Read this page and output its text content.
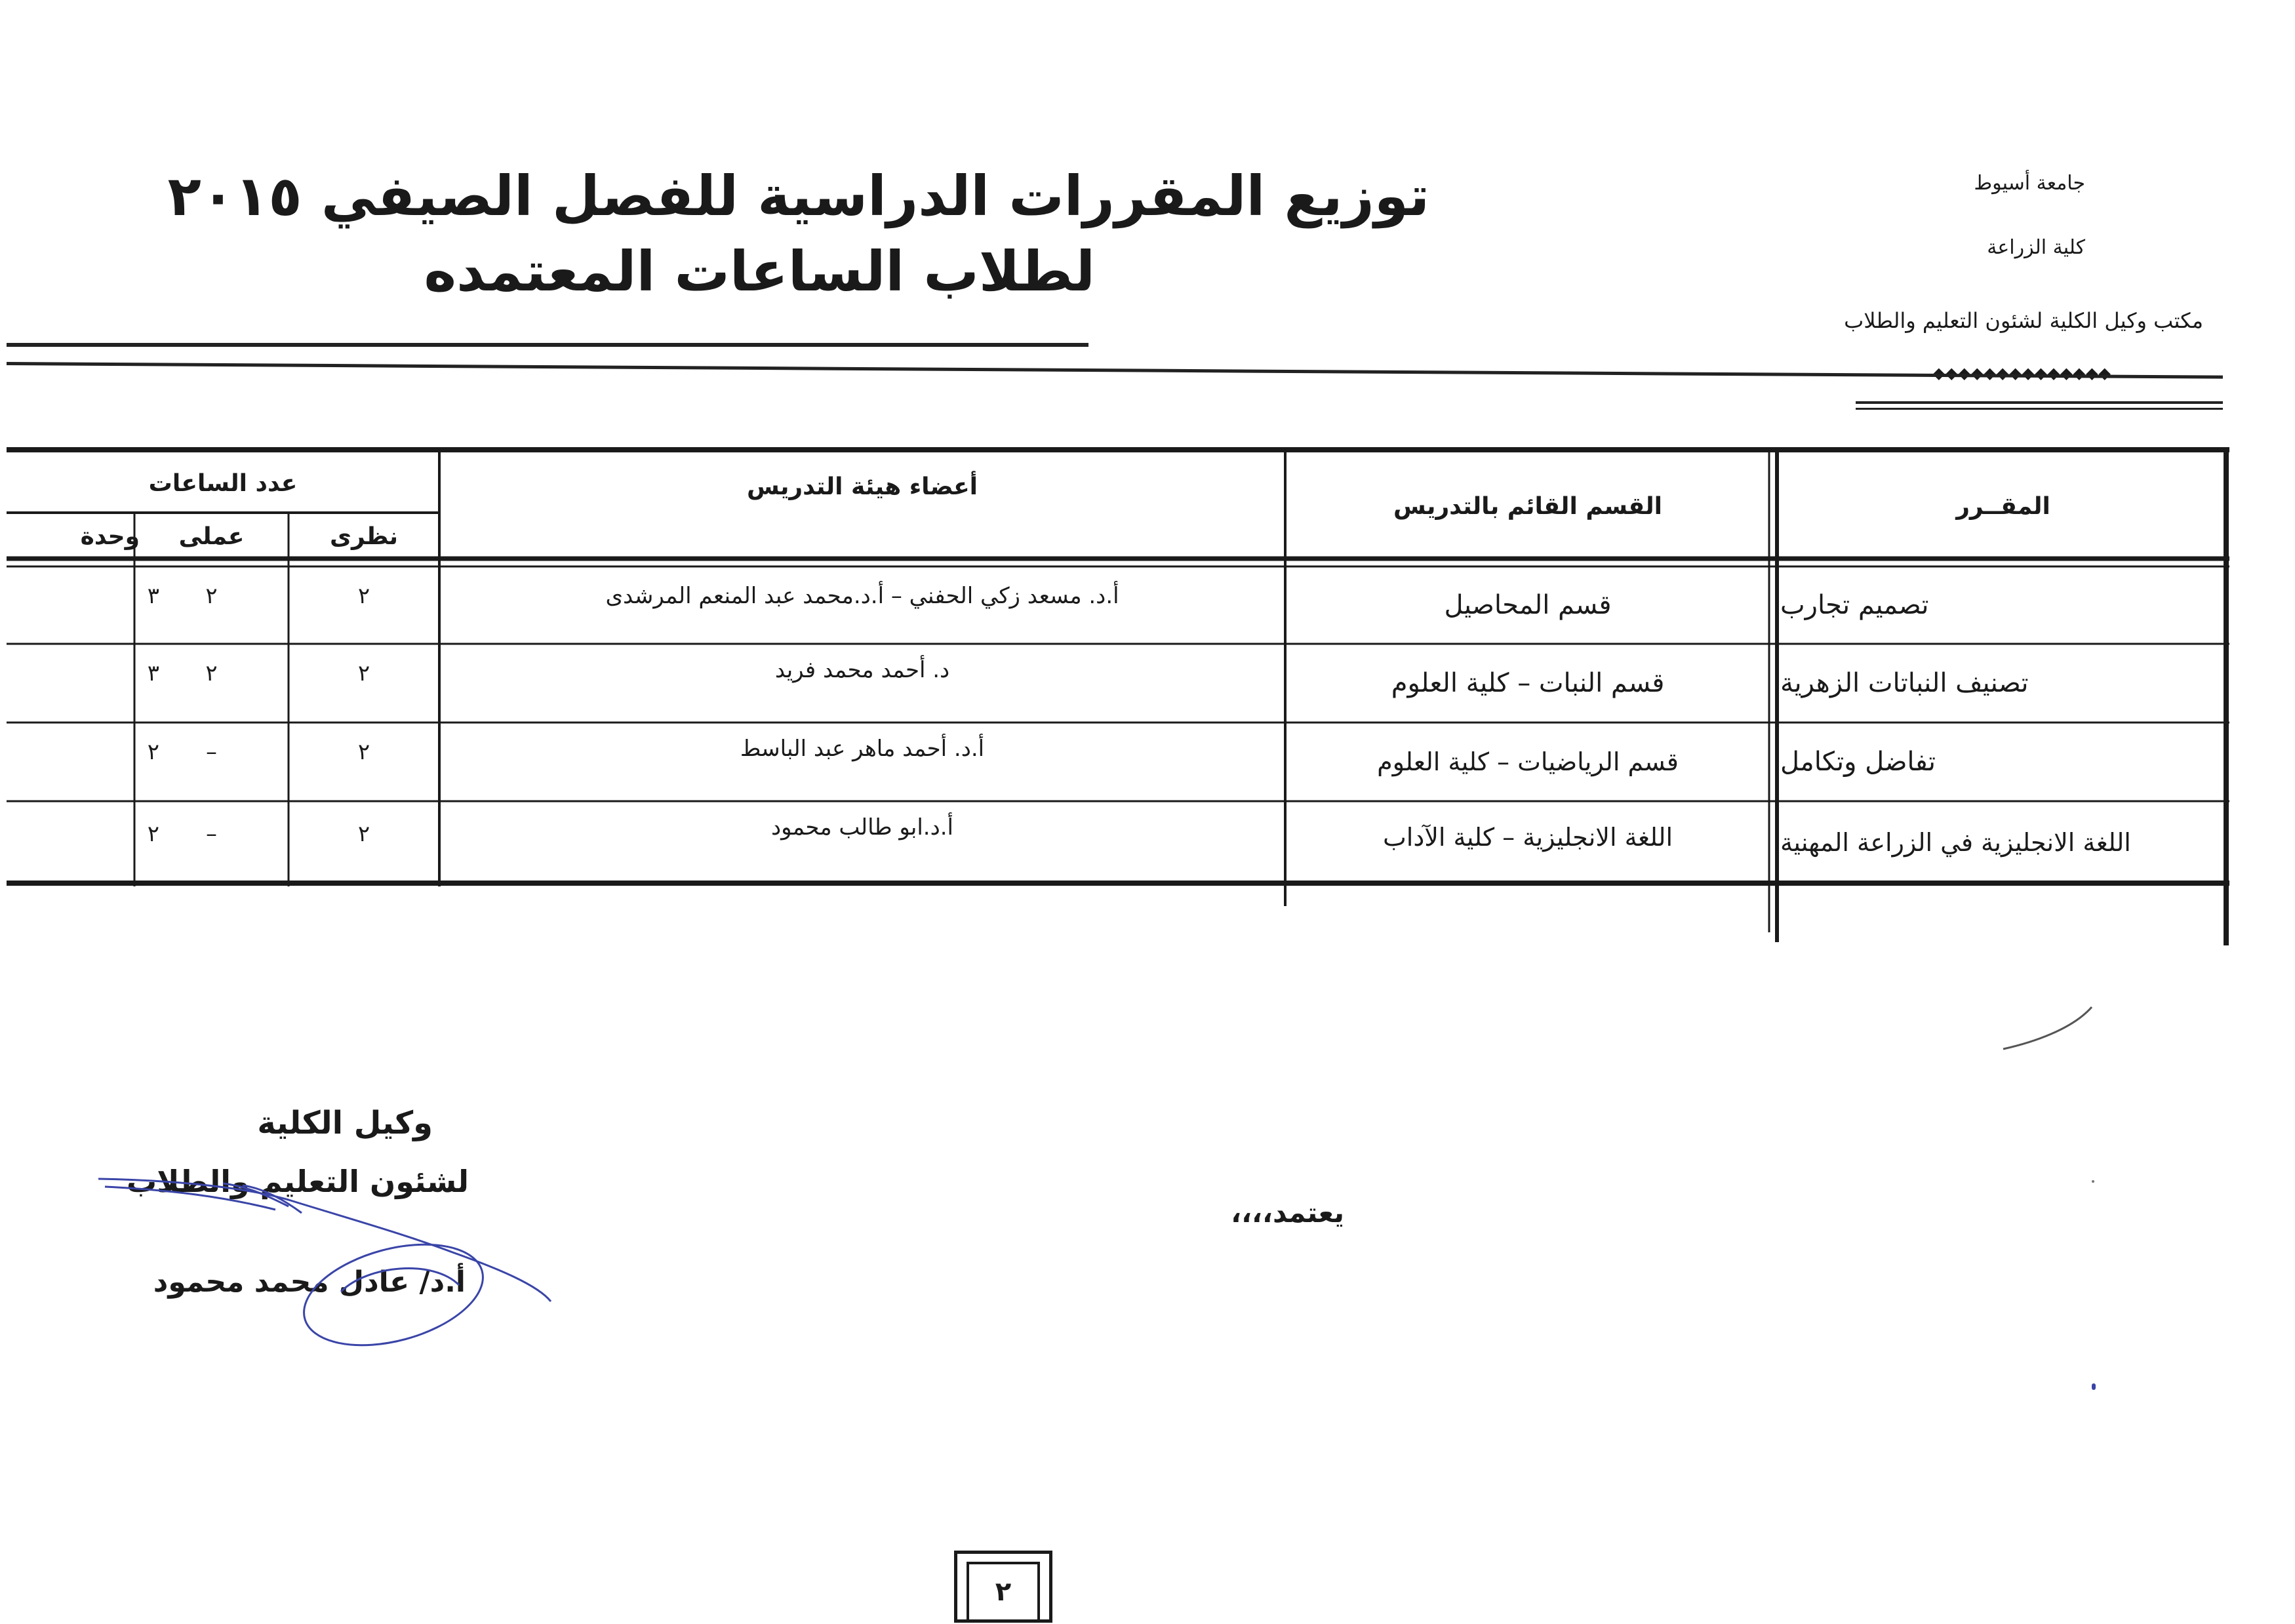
جامعة أسيوط
كلية الزراعة
مكتب وكيل الكلية لشئون التعليم والطلاب
◆◆◆◆◆◆◆◆◆◆◆◆◆◆
توزيع المقررات الدراسية للفصل الصيفي ٢٠١٥
لطلاب الساعات المعتمده
المقــرر
القسم القائم بالتدريس
أعضاء هيئة التدريس
عدد الساعات
نظرى
عملى
وحدة
تصميم تجارب
قسم المحاصيل
أ.د. مسعد زكي الحفني – أ.د.محمد عبد المنعم المرشدى
٢
٢
٣
تصنيف النباتات الزهرية
قسم النبات – كلية العلوم
د. أحمد محمد فريد
٢
٢
٣
تفاضل وتكامل
قسم الرياضيات – كلية العلوم
أ.د. أحمد ماهر عبد الباسط
٢
–
٢
اللغة الانجليزية في الزراعة المهنية
اللغة الانجليزية – كلية الآداب
أ.د.ابو طالب محمود
٢
–
٢
وكيل الكلية
لشئون التعليم والطلاب
يعتمد،،،،
أ.د/ عادل محمد محمود
٢
